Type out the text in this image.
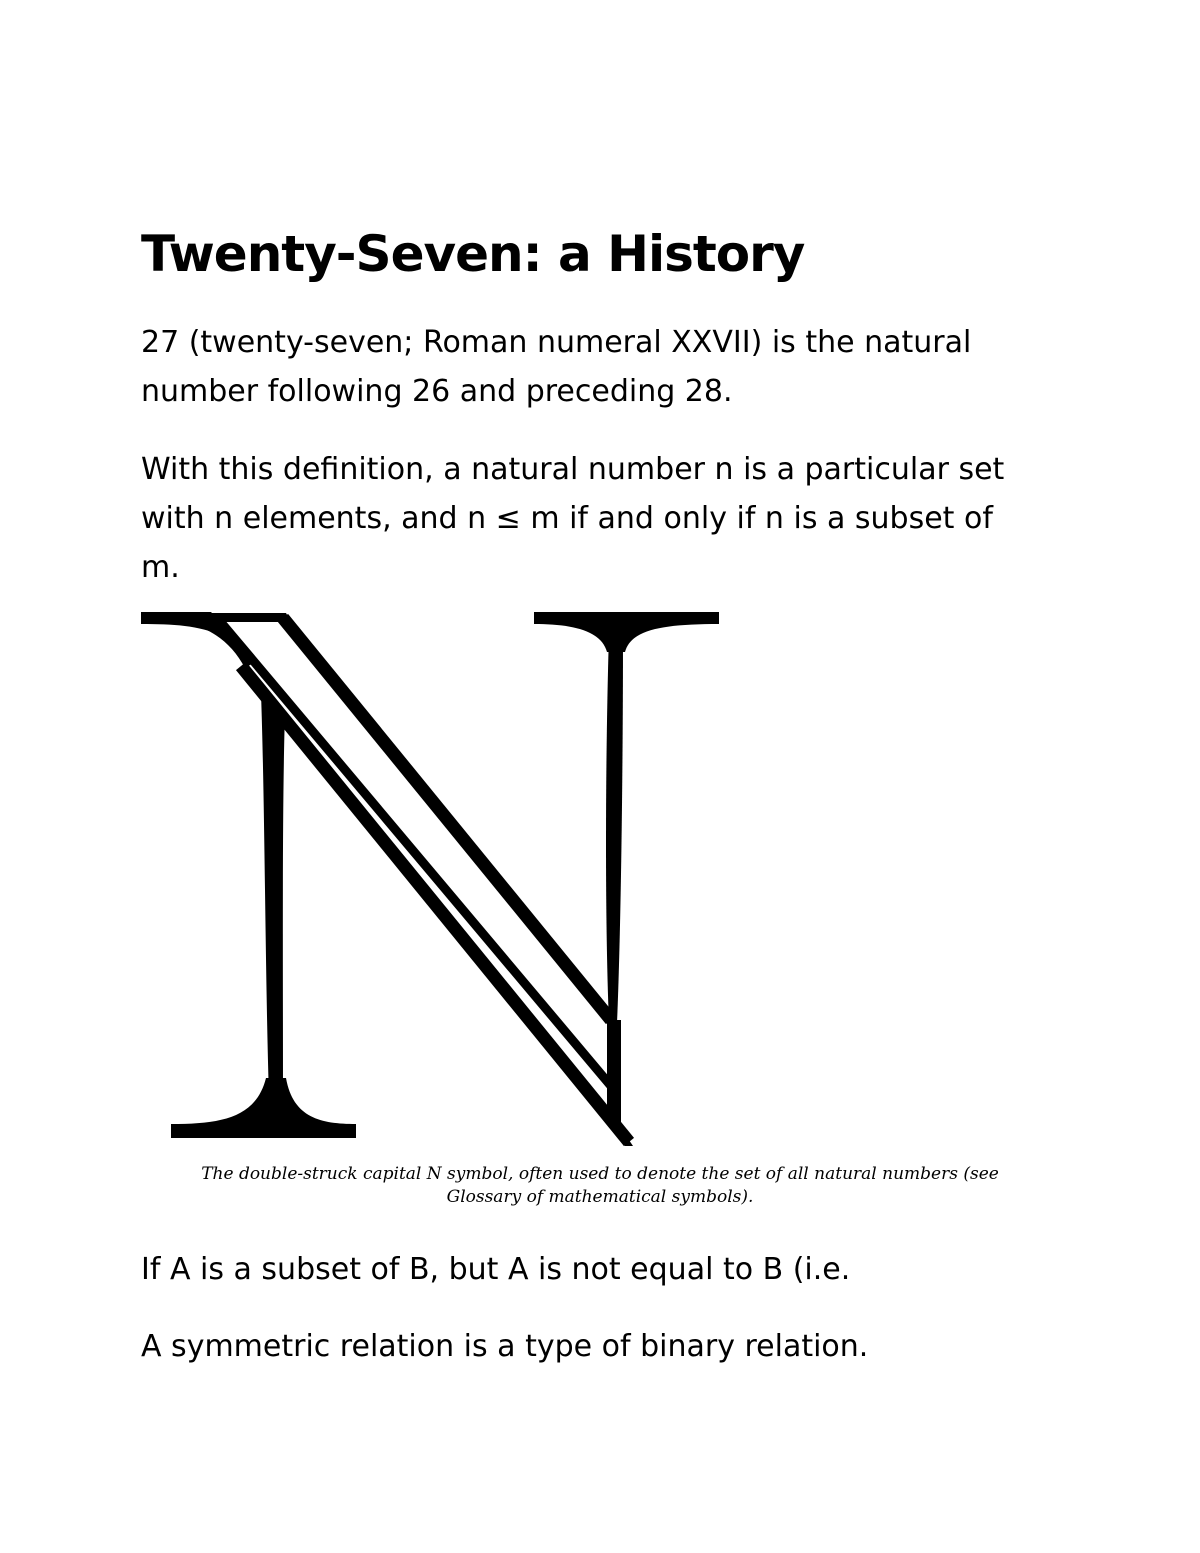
Twenty-Seven: a History

27 (twenty-seven; Roman numeral XXVII) is the natural
number following 26 and preceding 28.

With this definition, a natural number n is a particular set
with n elements, and n ≤ m if and only if n is a subset of
m.

The double-struck capital N symbol, often used to denote the set of all natural numbers (see
Glossary of mathematical symbols).

If A is a subset of B, but A is not equal to B (i.e.

A symmetric relation is a type of binary relation.
